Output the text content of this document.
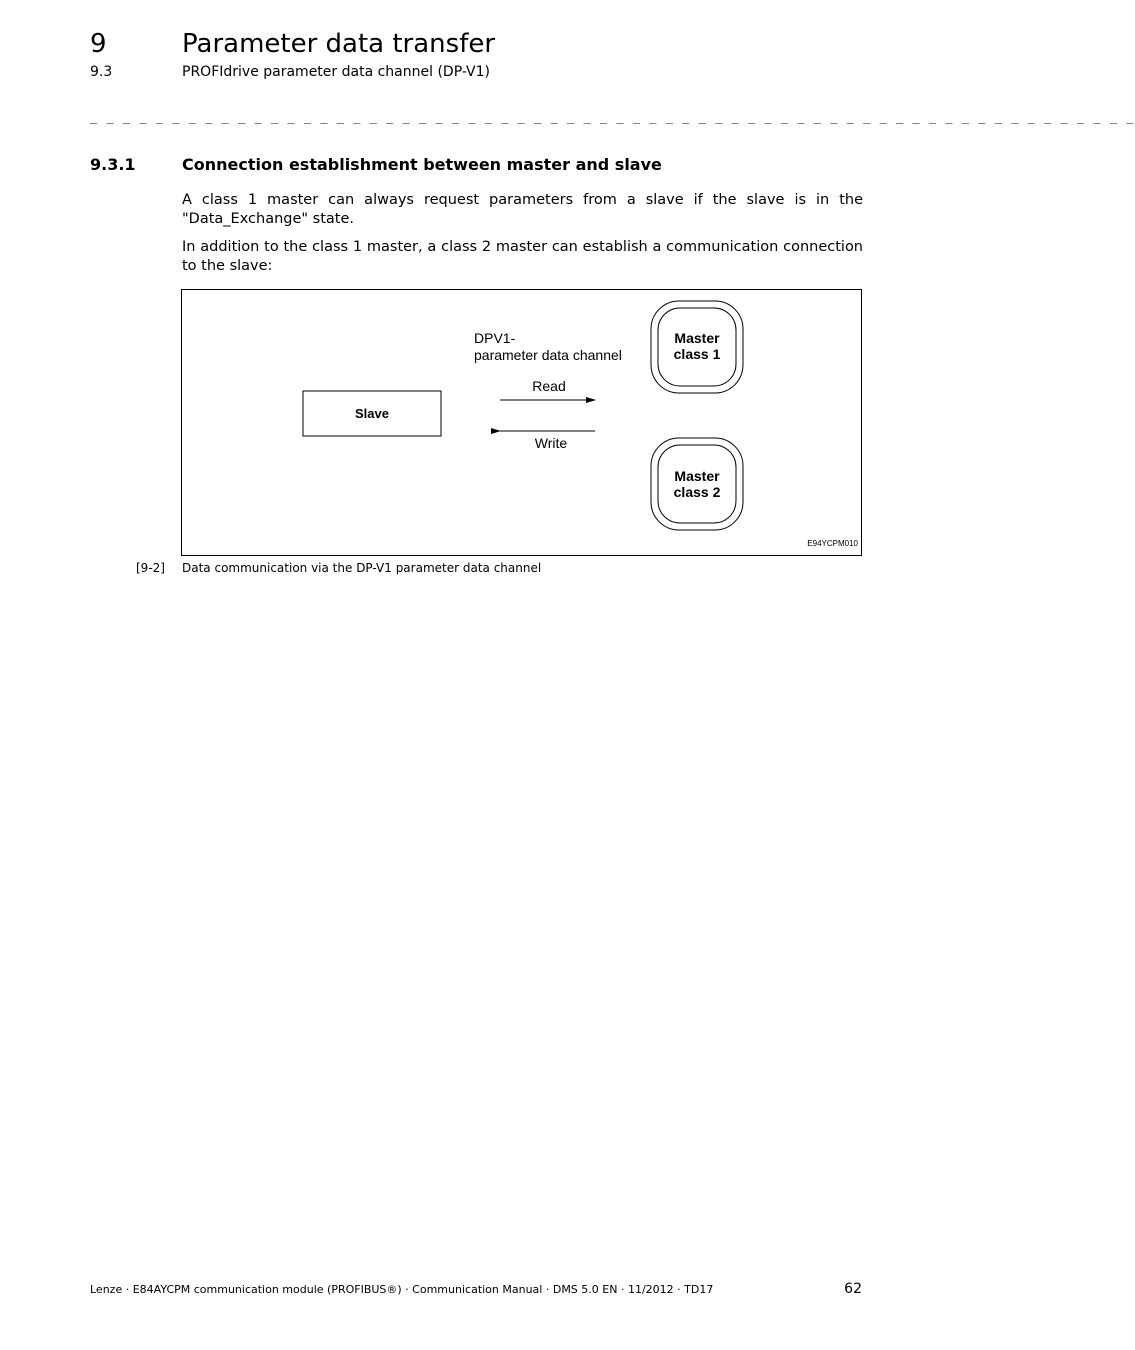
9	Parameter data transfer
9.3	PROFIdrive parameter data channel (DP-V1)
_ _ _ _ _ _ _ _ _ _ _ _ _ _ _ _ _ _ _ _ _ _ _ _ _ _ _ _ _ _ _ _ _ _ _ _ _ _ _ _ _ _ _ _ _ _ _ _ _ _ _ _ _ _ _ _ _ _ _ _ _ _ _ _
9.3.1	Connection establishment between master and slave
A class 1 master can always request parameters from a slave if the slave is in the "Data_Exchange" state.
In addition to the class 1 master, a class 2 master can establish a communication connection to the slave:
Slave
DPV1-
parameter data channel
Read
Write
Master
class 1
Master
class 2
E94YCPM010
[9-2] Data communication via the DP-V1 parameter data channel
Lenze · E84AYCPM communication module (PROFIBUS®) · Communication Manual · DMS 5.0 EN · 11/2012 · TD17	62
